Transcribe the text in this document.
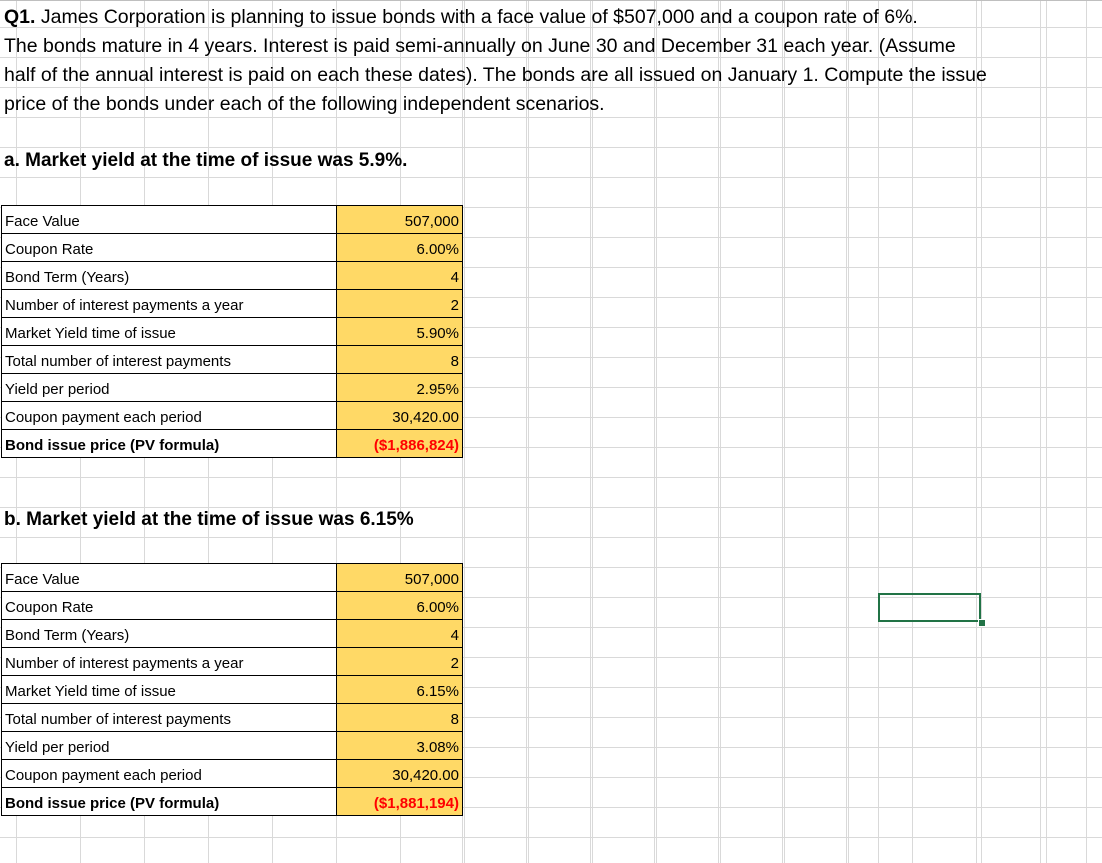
Q1. James Corporation is planning to issue bonds with a face value of $507,000 and a coupon rate of 6%.
The bonds mature in 4 years. Interest is paid semi-annually on June 30 and December 31 each year. (Assume
half of the annual interest is paid on each these dates). The bonds are all issued on January 1. Compute the issue
price of the bonds under each of the following independent scenarios.
a. Market yield at the time of issue was 5.9%.
Face Value	507,000
Coupon Rate	6.00%
Bond Term (Years)	4
Number of interest payments a year	2
Market Yield time of issue	5.90%
Total number of interest payments	8
Yield per period	2.95%
Coupon payment each period	30,420.00
Bond issue price (PV formula)	($1,886,824)
b. Market yield at the time of issue was 6.15%
Face Value	507,000
Coupon Rate	6.00%
Bond Term (Years)	4
Number of interest payments a year	2
Market Yield time of issue	6.15%
Total number of interest payments	8
Yield per period	3.08%
Coupon payment each period	30,420.00
Bond issue price (PV formula)	($1,881,194)
